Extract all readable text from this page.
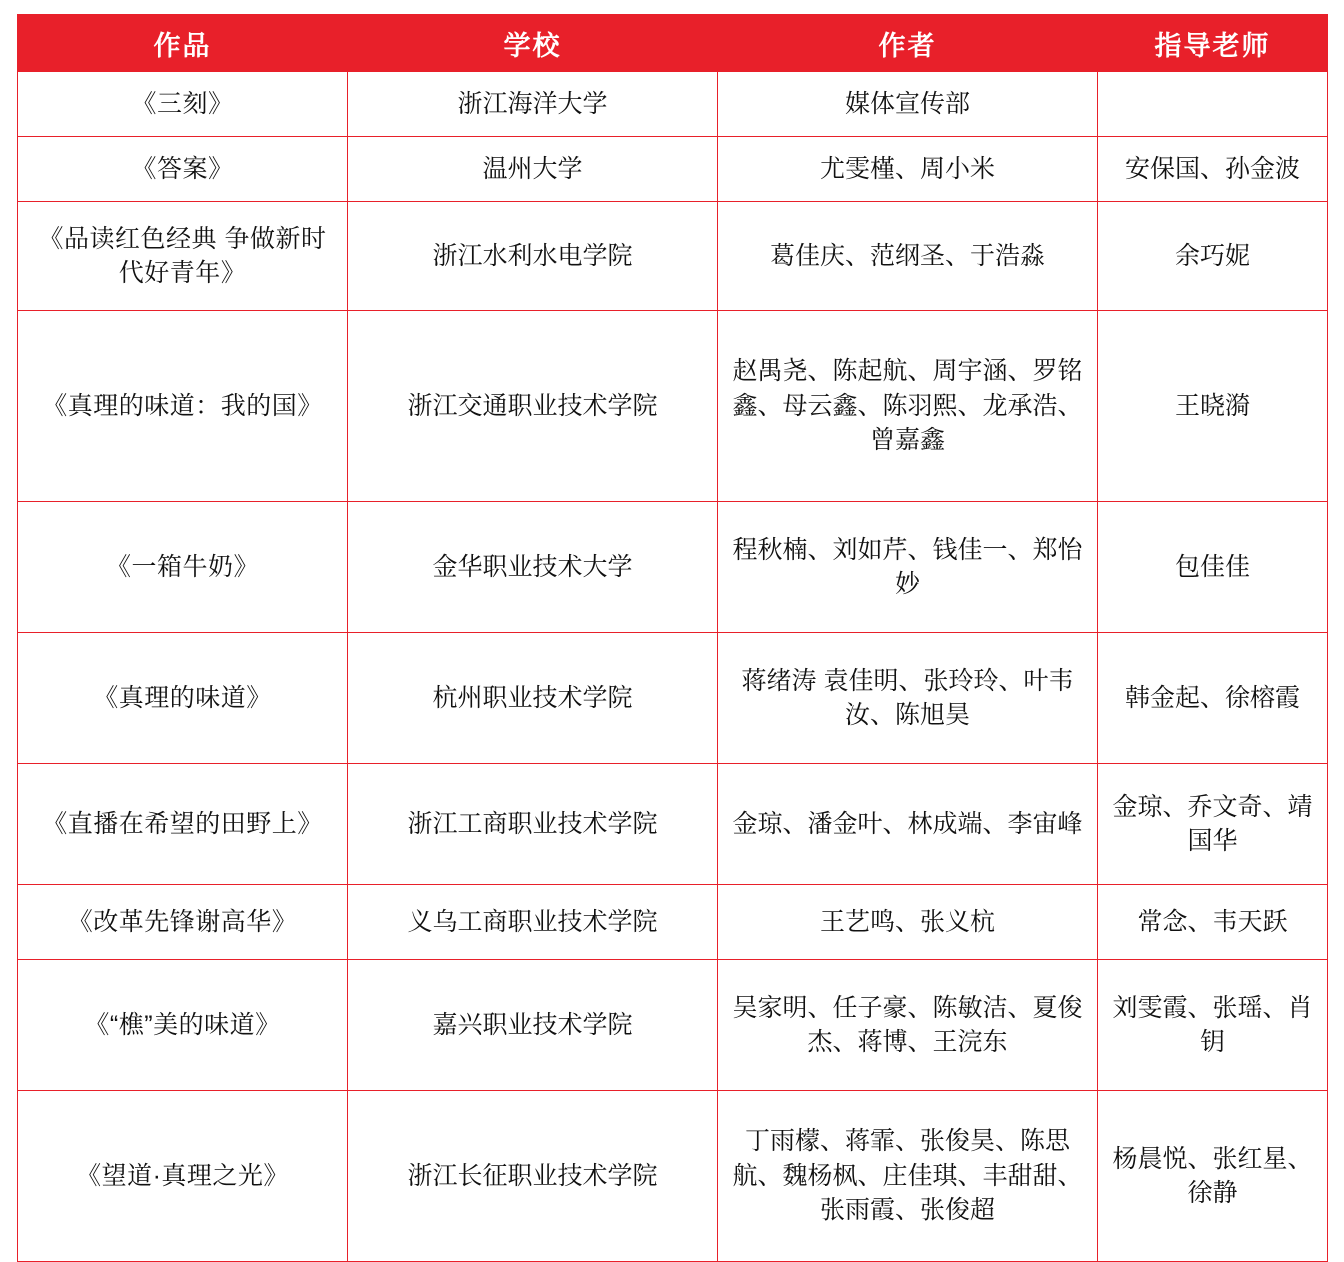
作品	学校	作者	指导老师
《三刻》	浙江海洋大学	媒体宣传部	
《答案》	温州大学	尤雯槿、周小米	安保国、孙金波
《品读红色经典 争做新时代好青年》	浙江水利水电学院	葛佳庆、范纲圣、于浩淼	余巧妮
《真理的味道：我的国》	浙江交通职业技术学院	赵禺尧、陈起航、周宇涵、罗铭鑫、母云鑫、陈羽熙、龙承浩、曾嘉鑫	王晓漪
《一箱牛奶》	金华职业技术大学	程秋楠、刘如芹、钱佳一、郑怡妙	包佳佳
《真理的味道》	杭州职业技术学院	蒋绪涛 袁佳明、张玲玲、叶韦汝、陈旭昊	韩金起、徐榕霞
《直播在希望的田野上》	浙江工商职业技术学院	金琼、潘金叶、林成端、李宙峰	金琼、乔文奇、靖国华
《改革先锋谢高华》	义乌工商职业技术学院	王艺鸣、张义杭	常念、韦天跃
《“樵”美的味道》	嘉兴职业技术学院	吴家明、任子豪、陈敏洁、夏俊杰、蒋博、王浣东	刘雯霞、张瑶、肖钥
《望道·真理之光》	浙江长征职业技术学院	丁雨檬、蒋霏、张俊昊、陈思航、魏杨枫、庄佳琪、丰甜甜、张雨霞、张俊超	杨晨悦、张红星、徐静
